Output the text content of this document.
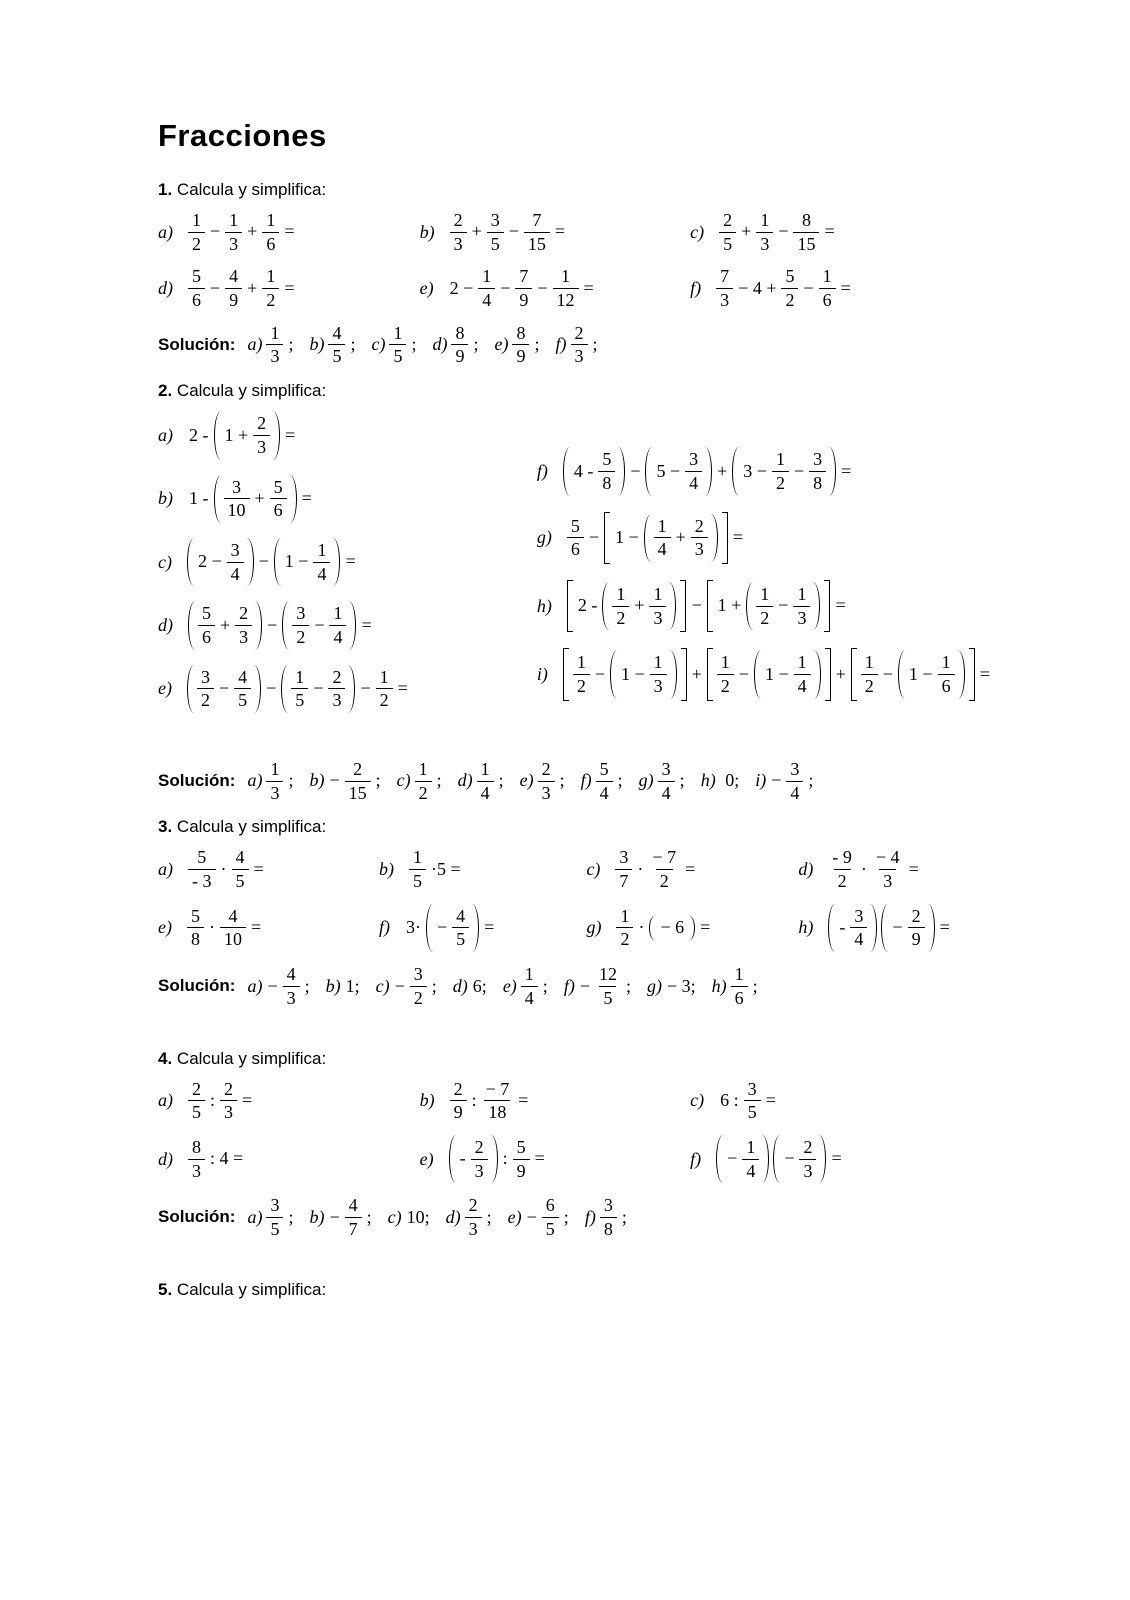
Fracciones

1. Calcula y simplifica:

$a) \frac{1}{2} - \frac{1}{3} + \frac{1}{6}$ =	$b) \frac{2}{3} + \frac{3}{5} - \frac{7}{15}$ =	$c) \frac{2}{5} + \frac{1}{3} - \frac{8}{15}$ =
$d) \frac{5}{6} - \frac{4}{9} + \frac{1}{2}$ =	e) $2 - \frac{1}{4} - \frac{7}{9} - \frac{1}{12}$ =	$f) \frac{7}{3} - 4 + \frac{5}{2} - \frac{1}{6}$ =

Solución: $a) \frac{1}{3}$ ; $b) \frac{4}{5}$ ; $c) \frac{1}{5}$ ; $d) \frac{8}{9}$ ; $e) \frac{8}{9}$ ; $f) \frac{2}{3}$ ;

2. Calcula y simplifica:

a) $2 - 1 + \frac{2}{3}$ =
b) $1 - \frac{3}{10} + \frac{5}{6}$ =
c) $2 - \frac{3}{4} - 1 - \frac{1}{4}$ =
$d) \frac{5}{6} + \frac{2}{3} - \frac{3}{2} - \frac{1}{4}$ =
$e) \frac{3}{2} - \frac{4}{5} - \frac{1}{5} - \frac{2}{3} - \frac{1}{2}$ =
f) $4 - \frac{5}{8} - 5 - \frac{3}{4} + 3 - \frac{1}{2} - \frac{3}{8}$ =
$g) \frac{5}{6} - 1 - \frac{1}{4} + \frac{2}{3}$ =
h) $2 - \frac{1}{2} + \frac{1}{3} - 1 + \frac{1}{2} - \frac{1}{3}$ =
$i) \frac{1}{2} - 1 - \frac{1}{3} + \frac{1}{2} - 1 - \frac{1}{4} + \frac{1}{2} - 1 - \frac{1}{6}$ =

Solución: $a) \frac{1}{3}$ ; $b) - \frac{2}{15}$ ; $c) \frac{1}{2}$ ; $d) \frac{1}{4}$ ; $e) \frac{2}{3}$ ; $f) \frac{5}{4}$ ; $g) \frac{3}{4}$ ; h) 0; $i) - \frac{3}{4}$ ;

3. Calcula y simplifica:

$a) \frac{5}{- 3} \cdot \frac{4}{5}$ =	$b) \frac{1}{5} \cdot 5$ =	$c) \frac{3}{7} \cdot \frac{- 7}{2}$ =	$d) \frac{- 9}{2} \cdot \frac{- 4}{3}$ =
$e) \frac{5}{8} \cdot \frac{4}{10}$ =	f) $3\cdot - \frac{4}{5}$ =	$g) \frac{1}{2}$ · − 6 =	$h) - \frac{3}{4} - \frac{2}{9}$ =

Solución: $a) - \frac{4}{3}$ ; b) 1; $c) - \frac{3}{2}$ ; d) 6; $e) \frac{1}{4}$ ; $f) - \frac{12}{5}$ ; g) − 3; $h) \frac{1}{6}$ ;

4. Calcula y simplifica:

$a) \frac{2}{5}$ : $\frac{2}{3}$ =	$b) \frac{2}{9}$ : $\frac{- 7}{18}$ =	c) 6 : $\frac{3}{5}$ =
$d) \frac{8}{3}$ : 4 =	$e) - \frac{2}{3}$ : $\frac{5}{9}$ =	$f) - \frac{1}{4} - \frac{2}{3}$ =

Solución: $a) \frac{3}{5}$ ; $b) - \frac{4}{7}$ ; c) 10; $d) \frac{2}{3}$ ; $e) - \frac{6}{5}$ ; $f) \frac{3}{8}$ ;

5. Calcula y simplifica:
